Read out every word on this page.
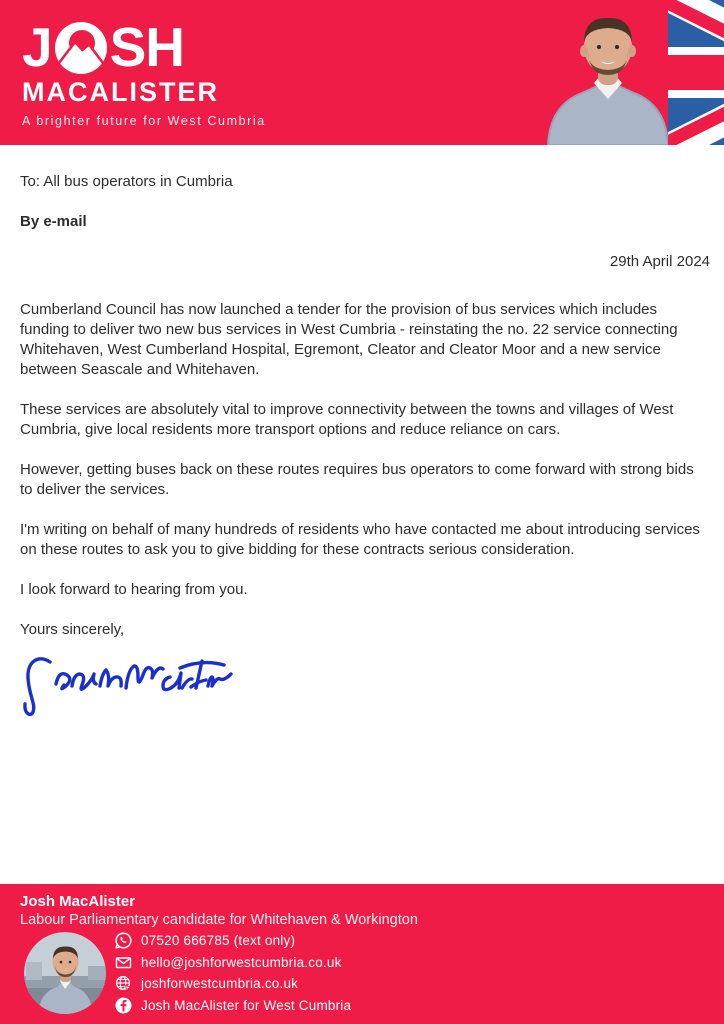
J SH
MACALISTER
A brighter future for West Cumbria
To: All bus operators in Cumbria
By e-mail
29th April 2024

Cumberland Council has now launched a tender for the provision of bus services which includes funding to deliver two new bus services in West Cumbria - reinstating the no. 22 service connecting Whitehaven, West Cumberland Hospital, Egremont, Cleator and Cleator Moor and a new service between Seascale and Whitehaven.

These services are absolutely vital to improve connectivity between the towns and villages of West Cumbria, give local residents more transport options and reduce reliance on cars.

However, getting buses back on these routes requires bus operators to come forward with strong bids to deliver the services.

I'm writing on behalf of many hundreds of residents who have contacted me about introducing services on these routes to ask you to give bidding for these contracts serious consideration.

I look forward to hearing from you.

Yours sincerely,
Josh MacAlister
Labour Parliamentary candidate for Whitehaven & Workington
07520 666785 (text only)
hello@joshforwestcumbria.co.uk
joshforwestcumbria.co.uk
Josh MacAlister for West Cumbria
